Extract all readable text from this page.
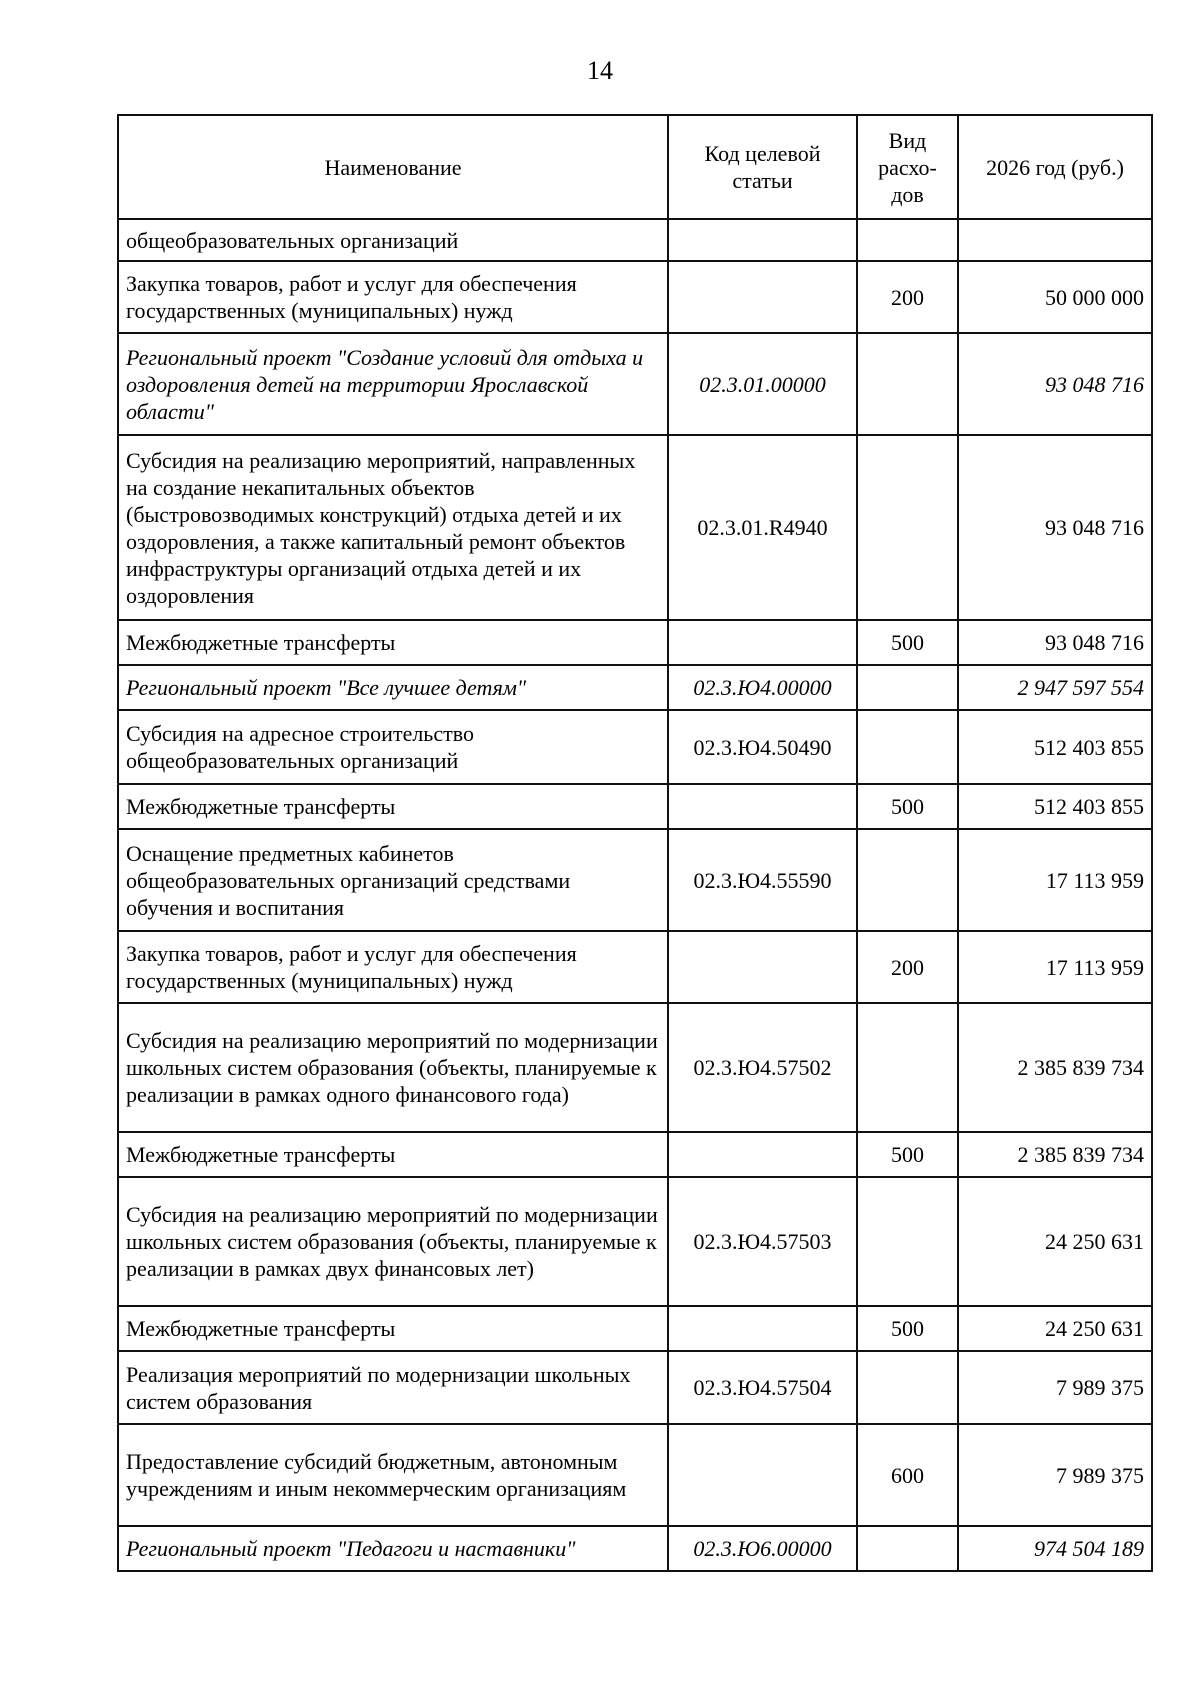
14
Наименование	Код целевой статьи	Вид расхо-дов	2026 год (руб.)
общеобразовательных организаций			
Закупка товаров, работ и услуг для обеспечения государственных (муниципальных) нужд		200	50 000 000
Региональный проект "Создание условий для отдыха и оздоровления детей на территории Ярославской области"	02.3.01.00000		93 048 716
Субсидия на реализацию мероприятий, направленных на создание некапитальных объектов (быстровозводимых конструкций) отдыха детей и их оздоровления, а также капитальный ремонт объектов инфраструктуры организаций отдыха детей и их оздоровления	02.3.01.R4940		93 048 716
Межбюджетные трансферты		500	93 048 716
Региональный проект "Все лучшее детям"	02.3.Ю4.00000		2 947 597 554
Субсидия на адресное строительство общеобразовательных организаций	02.3.Ю4.50490		512 403 855
Межбюджетные трансферты		500	512 403 855
Оснащение предметных кабинетов общеобразовательных организаций средствами обучения и воспитания	02.3.Ю4.55590		17 113 959
Закупка товаров, работ и услуг для обеспечения государственных (муниципальных) нужд		200	17 113 959
Субсидия на реализацию мероприятий по модернизации школьных систем образования (объекты, планируемые к реализации в рамках одного финансового года)	02.3.Ю4.57502		2 385 839 734
Межбюджетные трансферты		500	2 385 839 734
Субсидия на реализацию мероприятий по модернизации школьных систем образования (объекты, планируемые к реализации в рамках двух финансовых лет)	02.3.Ю4.57503		24 250 631
Межбюджетные трансферты		500	24 250 631
Реализация мероприятий по модернизации школьных систем образования	02.3.Ю4.57504		7 989 375
Предоставление субсидий бюджетным, автономным учреждениям и иным некоммерческим организациям		600	7 989 375
Региональный проект "Педагоги и наставники"	02.3.Ю6.00000		974 504 189
